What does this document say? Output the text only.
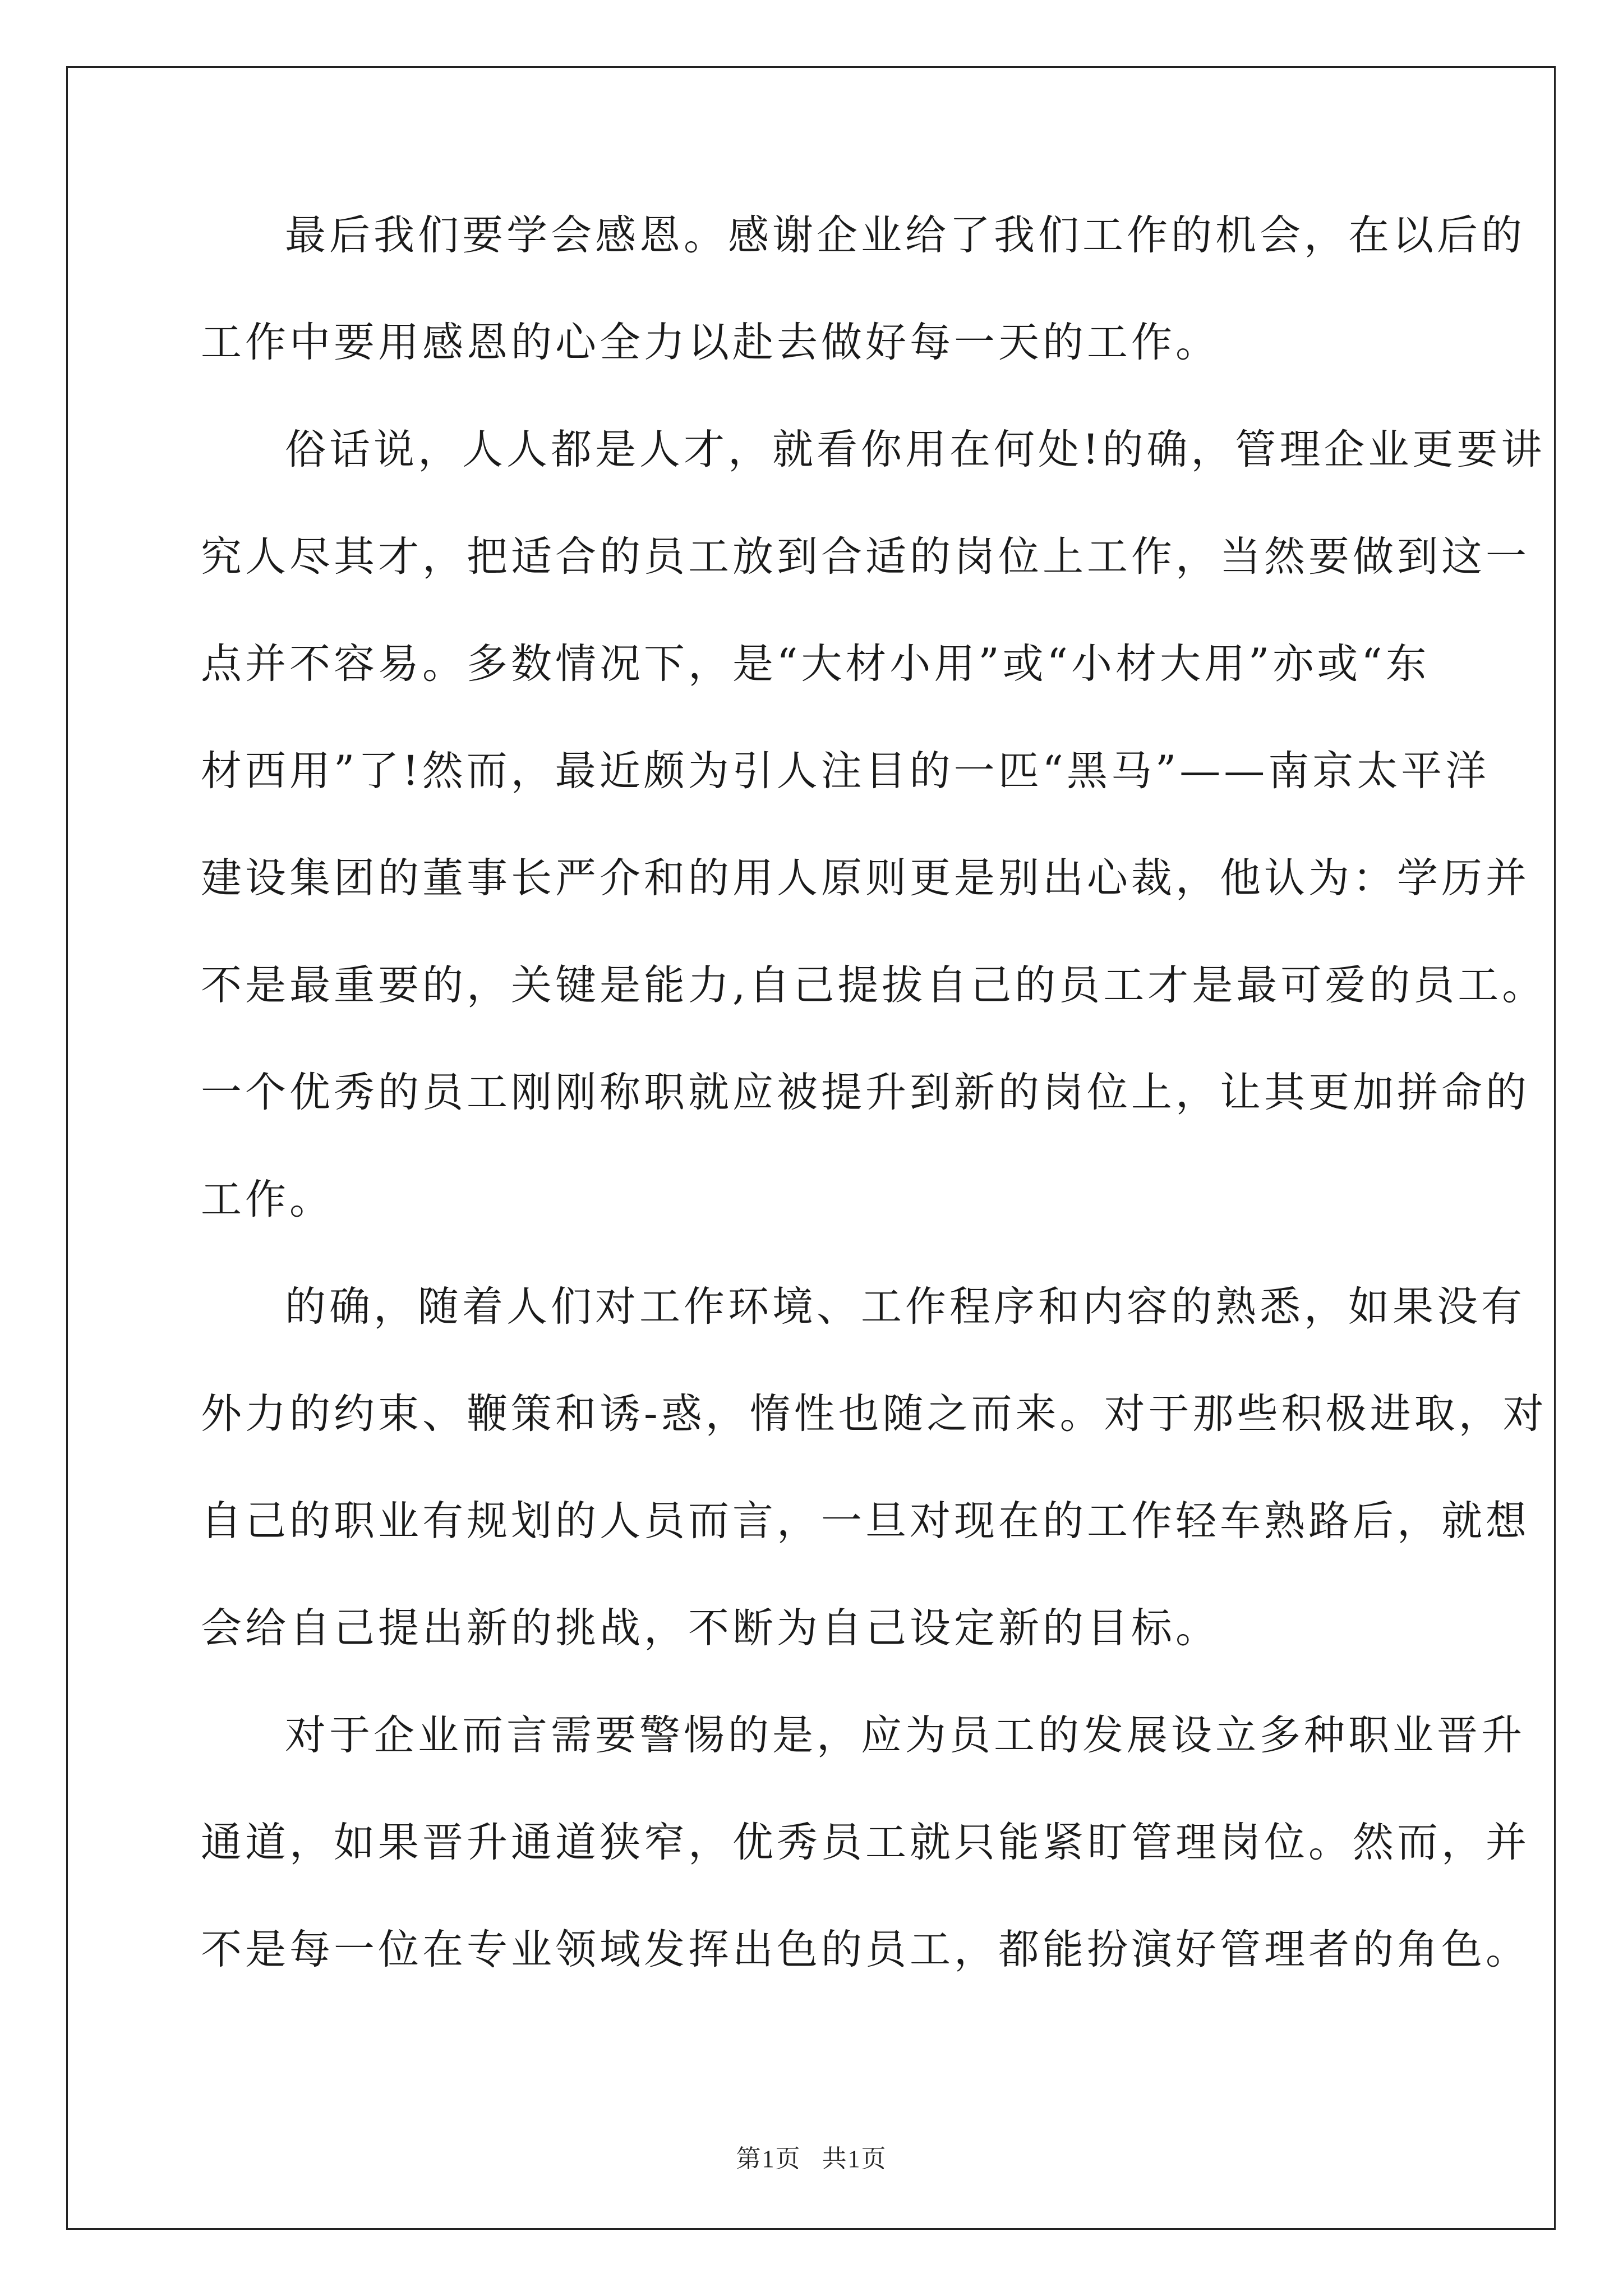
最后我们要学会感恩。感谢企业给了我们工作的机会，在以后的
工作中要用感恩的心全力以赴去做好每一天的工作。
俗话说，人人都是人才，就看你用在何处!的确，管理企业更要讲
究人尽其才，把适合的员工放到合适的岗位上工作，当然要做到这一
点并不容易。多数情况下，是“大材小用”或“小材大用”亦或“东
材西用”了!然而，最近颇为引人注目的一匹“黑马”——南京太平洋
建设集团的董事长严介和的用人原则更是别出心裁，他认为：学历并
不是最重要的，关键是能力,自己提拔自己的员工才是最可爱的员工。
一个优秀的员工刚刚称职就应被提升到新的岗位上，让其更加拼命的
工作。
的确，随着人们对工作环境、工作程序和内容的熟悉，如果没有
外力的约束、鞭策和诱-惑，惰性也随之而来。对于那些积极进取，对
自己的职业有规划的人员而言，一旦对现在的工作轻车熟路后，就想
会给自己提出新的挑战，不断为自己设定新的目标。
对于企业而言需要警惕的是，应为员工的发展设立多种职业晋升
通道，如果晋升通道狭窄，优秀员工就只能紧盯管理岗位。然而，并
不是每一位在专业领域发挥出色的员工，都能扮演好管理者的角色。
第1页 共1页
